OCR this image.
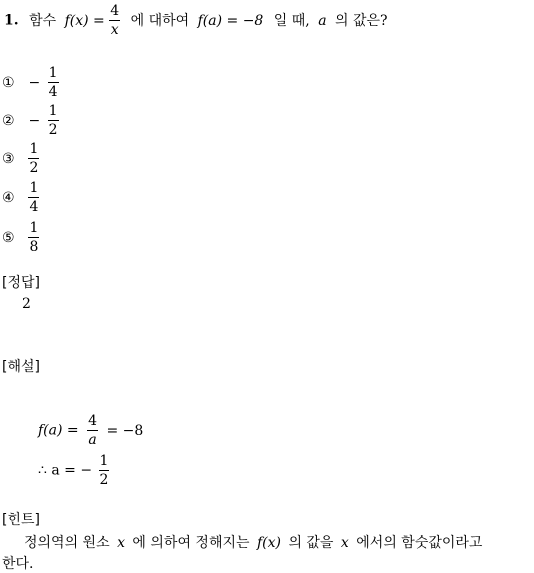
1. 함수 $f(x) = \frac{4}{x}$ 에 대하여 f(a) = −8 일 때, a 의 값은?
① − $\frac{1}{4}$
② − $\frac{1}{2}$
③ $\frac{1}{2}$
④ $\frac{1}{4}$
⑤ $\frac{1}{8}$
[정답]
2
[해설]
$f(a) = \frac{4}{a} = -8$
∴ a = − $\frac{1}{2}$
[힌트]
정의역의 원소 x 에 의하여 정해지는 f(x) 의 값을 x 에서의 함숫값이라고
한다.
